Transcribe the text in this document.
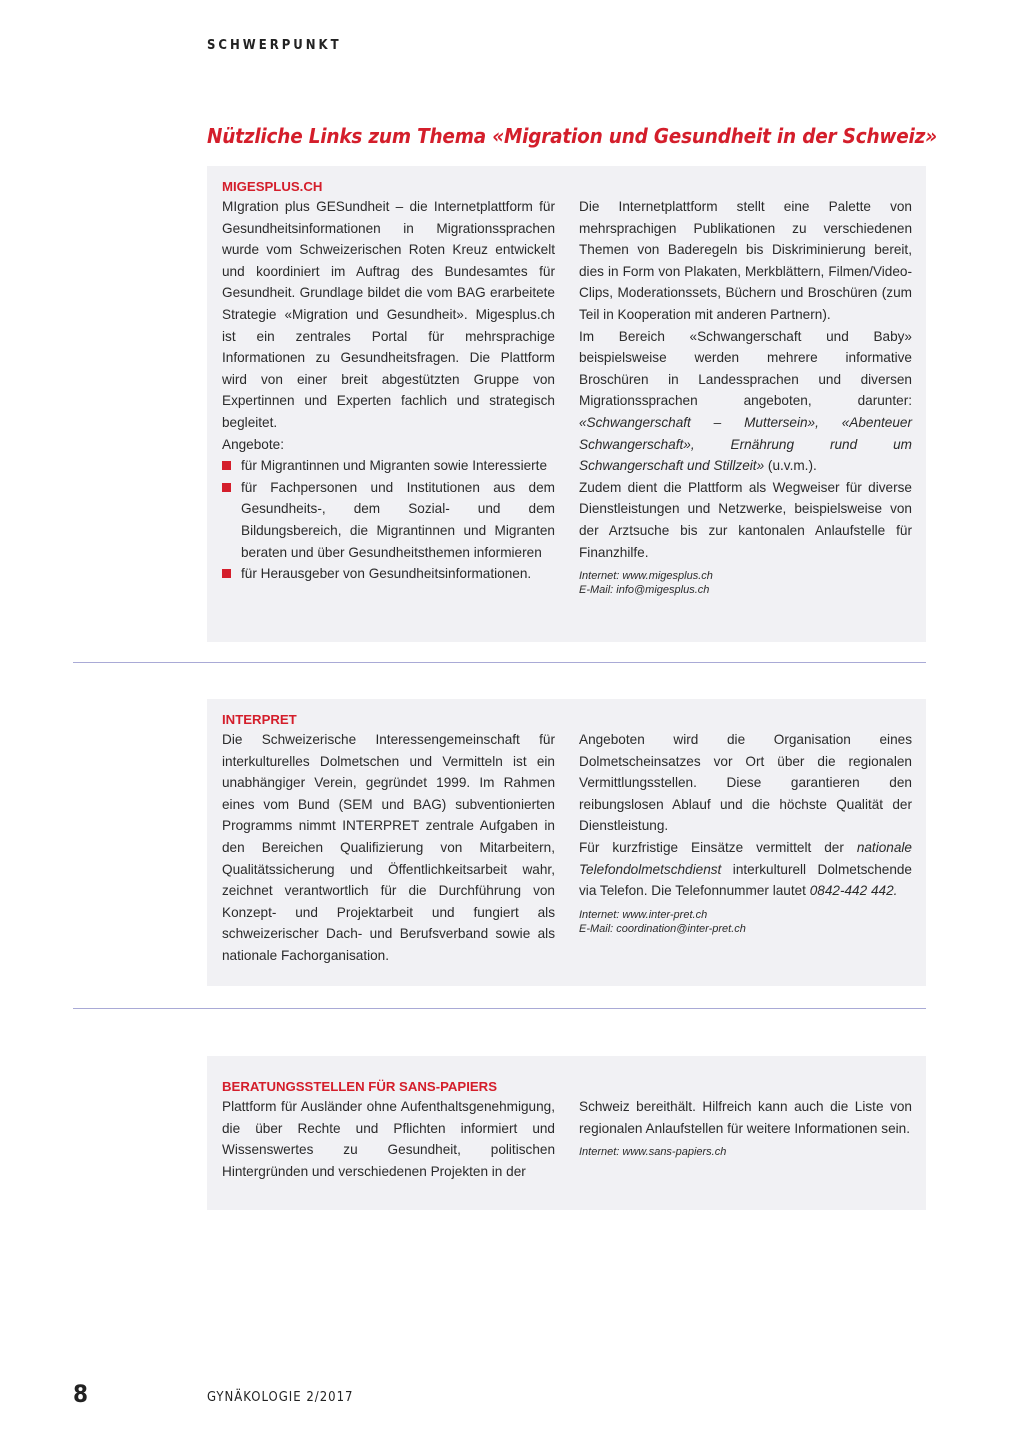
SCHWERPUNKT
Nützliche Links zum Thema «Migration und Gesundheit in der Schweiz»
MIGESPLUS.CH

MIgration plus GESundheit – die Internetplattform für Gesundheitsinformationen in Migrationssprachen wurde vom Schweizerischen Roten Kreuz entwickelt und koordiniert im Auftrag des Bundesamtes für Gesundheit. Grundlage bildet die vom BAG erarbeitete Strategie «Migration und Gesundheit». Migesplus.ch ist ein zentrales Portal für mehrsprachige Informationen zu Gesundheitsfragen. Die Plattform wird von einer breit abgestützten Gruppe von Expertinnen und Experten fachlich und strategisch begleitet.

Angebote:

für Migrantinnen und Migranten sowie Interessierte
für Fachpersonen und Institutionen aus dem Gesundheits-, dem Sozial- und dem Bildungsbereich, die Migrantinnen und Migranten beraten und über Gesundheitsthemen informieren
für Herausgeber von Gesundheitsinformationen.

Die Internetplattform stellt eine Palette von mehrsprachigen Publikationen zu verschiedenen Themen von Baderegeln bis Diskriminierung bereit, dies in Form von Plakaten, Merkblättern, Filmen/Video-Clips, Moderationssets, Büchern und Broschüren (zum Teil in Kooperation mit anderen Partnern).

Im Bereich «Schwangerschaft und Baby» beispielsweise werden mehrere informative Broschüren in Landessprachen und diversen Migrationssprachen angeboten, darunter: «Schwangerschaft – Muttersein», «Abenteuer Schwangerschaft», Ernährung rund um Schwangerschaft und Stillzeit» (u.v.m.).

Zudem dient die Plattform als Wegweiser für diverse Dienstleistungen und Netzwerke, beispielsweise von der Arztsuche bis zur kantonalen Anlaufstelle für Finanzhilfe.

Internet: www.migesplus.ch
E-Mail: info@migesplus.ch
INTERPRET

Die Schweizerische Interessengemeinschaft für interkulturelles Dolmetschen und Vermitteln ist ein unabhängiger Verein, gegründet 1999. Im Rahmen eines vom Bund (SEM und BAG) subventionierten Programms nimmt INTERPRET zentrale Aufgaben in den Bereichen Qualifizierung von Mitarbeitern, Qualitätssicherung und Öffentlichkeitsarbeit wahr, zeichnet verantwortlich für die Durchführung von Konzept- und Projektarbeit und fungiert als schweizerischer Dach- und Berufsverband sowie als nationale Fachorganisation.

Angeboten wird die Organisation eines Dolmetscheinsatzes vor Ort über die regionalen Vermittlungsstellen. Diese garantieren den reibungslosen Ablauf und die höchste Qualität der Dienstleistung.

Für kurzfristige Einsätze vermittelt der nationale Telefondolmetschdienst interkulturell Dolmetschende via Telefon. Die Telefonnummer lautet 0842-442 442.

Internet: www.inter-pret.ch
E-Mail: coordination@inter-pret.ch
BERATUNGSSTELLEN FÜR SANS-PAPIERS

Plattform für Ausländer ohne Aufenthaltsgenehmigung, die über Rechte und Pflichten informiert und Wissenswertes zu Gesundheit, politischen Hintergründen und verschiedenen Projekten in der

Schweiz bereithält. Hilfreich kann auch die Liste von regionalen Anlaufstellen für weitere Informationen sein.

Internet: www.sans-papiers.ch
8	GYNÄKOLOGIE 2/2017
